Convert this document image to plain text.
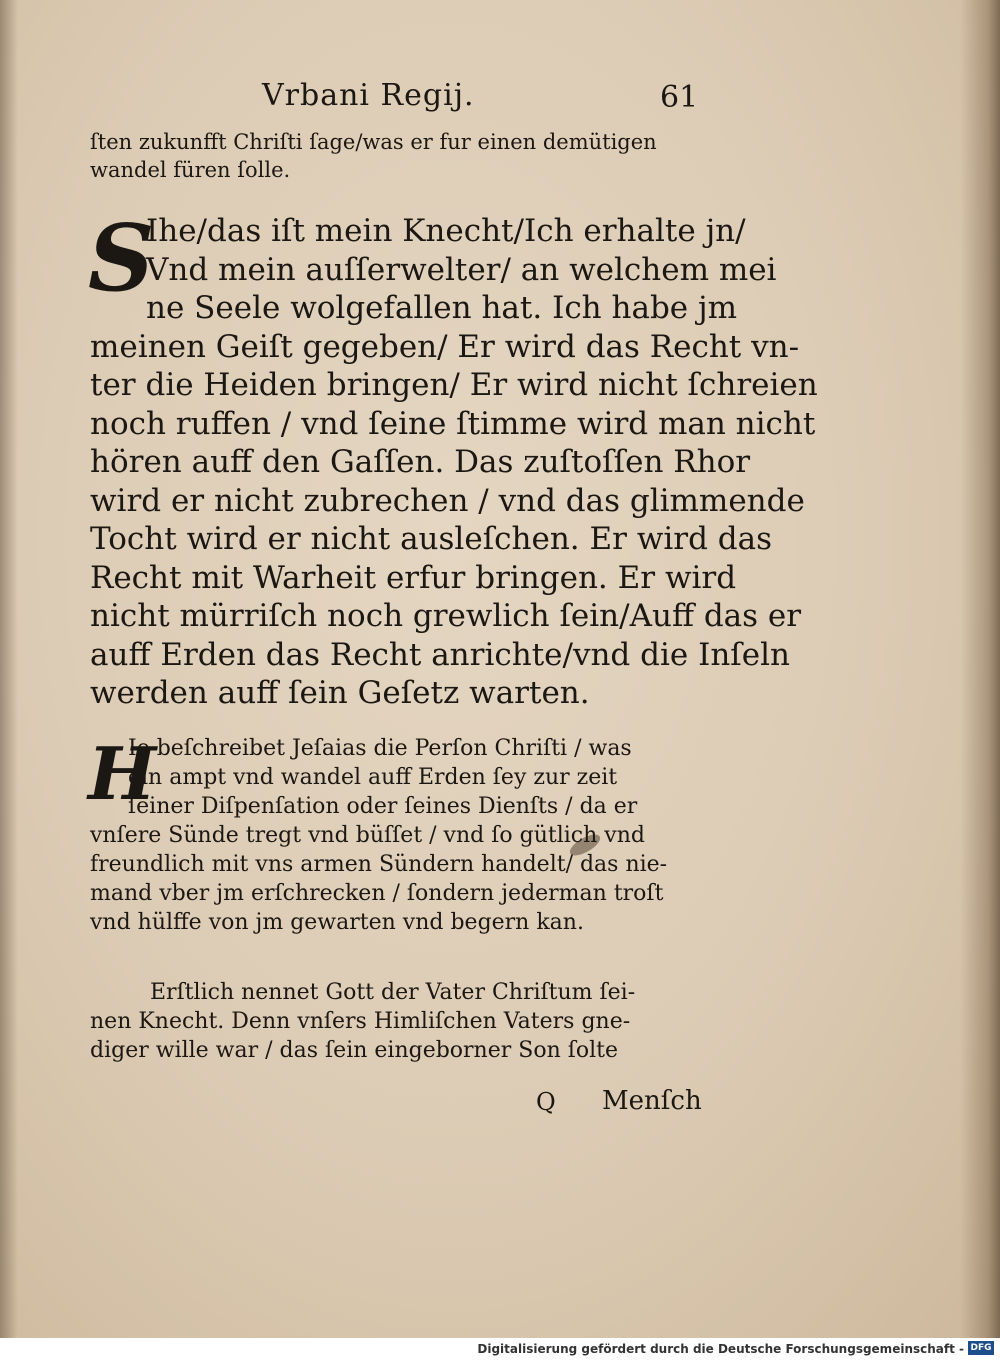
Vrbani Regij.	61
ſten zukunfft Chriſti ſage/was er fur einen demütigen
wandel füren ſolle.
S
Ihe/das iſt mein Knecht/Ich erhalte jn/
Vnd mein auſſerwelter/ an welchem mei
ne Seele wolgefallen hat. Ich habe jm
meinen Geiſt gegeben/ Er wird das Recht vn-
ter die Heiden bringen/ Er wird nicht ſchreien
noch ruffen / vnd ſeine ſtimme wird man nicht
hören auff den Gaſſen. Das zuſtoſſen Rhor
wird er nicht zubrechen / vnd das glimmende
Tocht wird er nicht ausleſchen. Er wird das
Recht mit Warheit erfur bringen. Er wird
nicht mürriſch noch grewlich ſein/Auff das er
auff Erden das Recht anrichte/vnd die Inſeln
werden auff ſein Geſetz warten.
H
Ie beſchreibet Jeſaias die Perſon Chriſti / was
ein ampt vnd wandel auff Erden ſey zur zeit
ſeiner Diſpenſation oder ſeines Dienſts / da er
vnſere Sünde tregt vnd büſſet / vnd ſo gütlich vnd
freundlich mit vns armen Sündern handelt/ das nie-
mand vber jm erſchrecken / ſondern jederman troſt
vnd hülffe von jm gewarten vnd begern kan.
Erſtlich nennet Gott der Vater Chriſtum ſei-
nen Knecht. Denn vnſers Himliſchen Vaters gne-
diger wille war / das ſein eingeborner Son ſolte
Q Menſch
Digitalisierung gefördert durch die Deutsche Forschungsgemeinschaft - DFG
